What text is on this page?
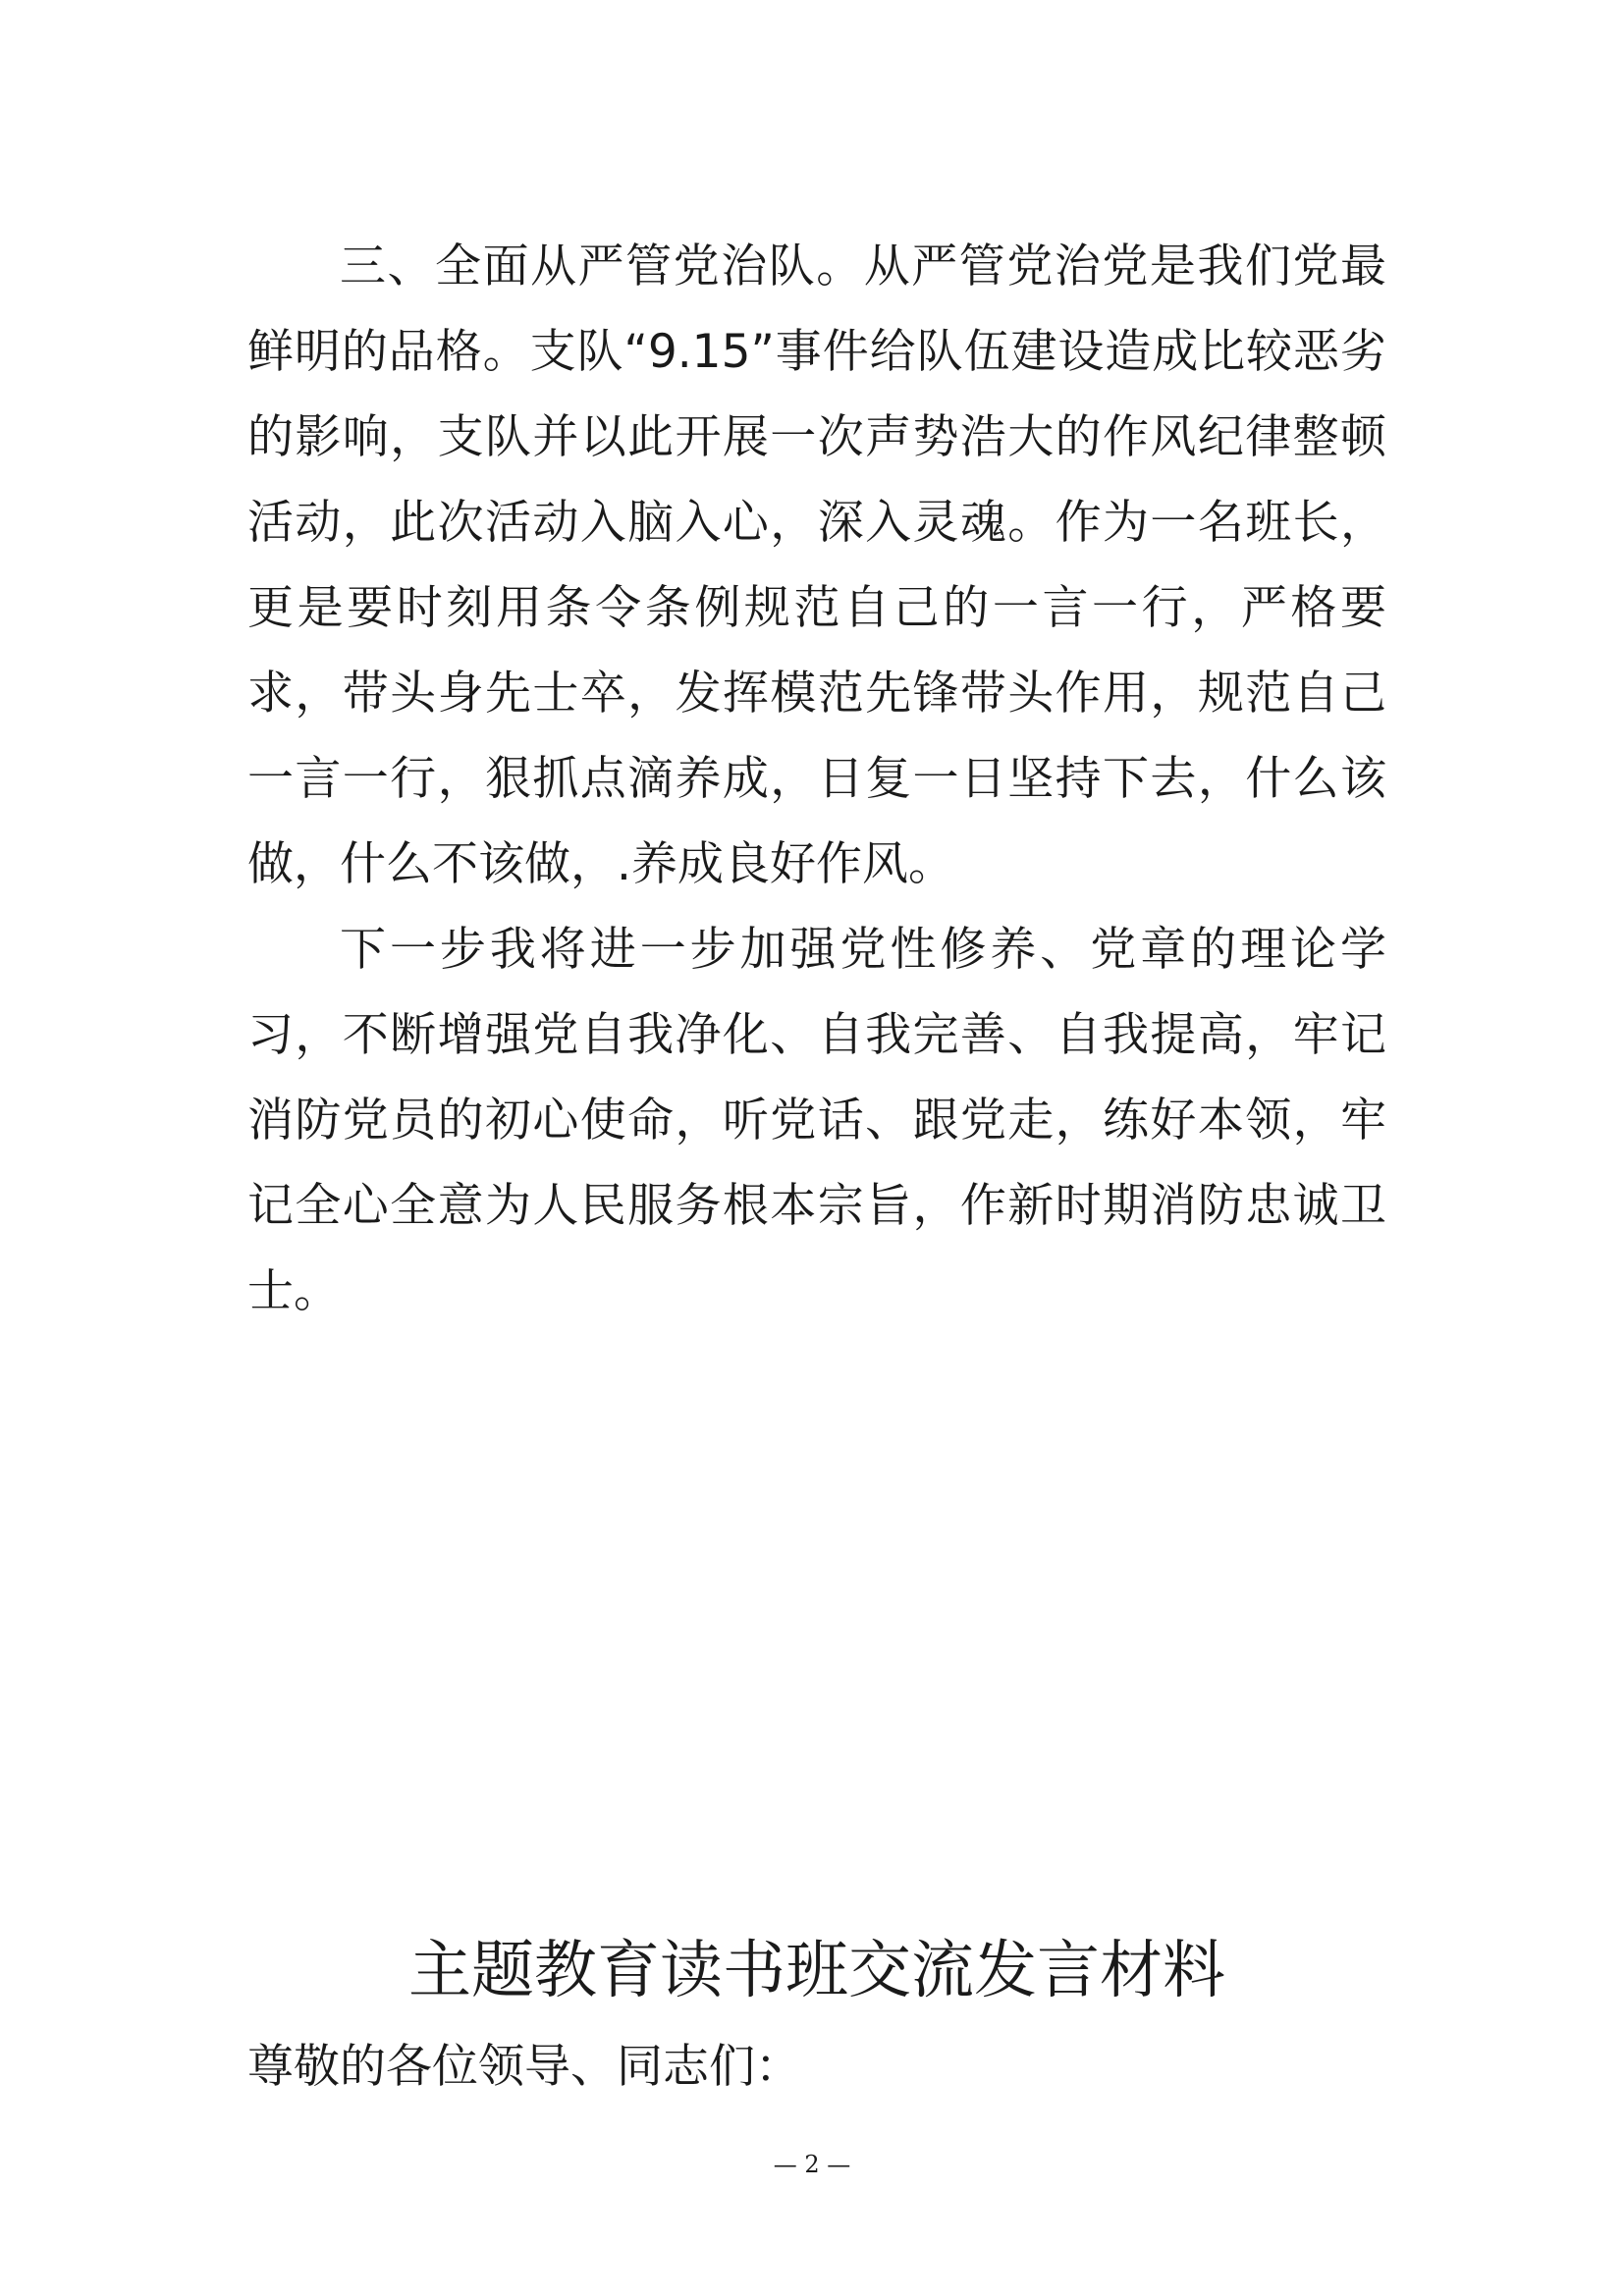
三、全面从严管党治队。从严管党治党是我们党最鲜明的品格。支队“9.15”事件给队伍建设造成比较恶劣的影响，支队并以此开展一次声势浩大的作风纪律整顿活动，此次活动入脑入心，深入灵魂。作为一名班长，更是要时刻用条令条例规范自己的一言一行，严格要求，带头身先士卒，发挥模范先锋带头作用，规范自己一言一行，狠抓点滴养成，日复一日坚持下去，什么该做，什么不该做，.养成良好作风。

下一步我将进一步加强党性修养、党章的理论学习，不断增强党自我净化、自我完善、自我提高，牢记消防党员的初心使命，听党话、跟党走，练好本领，牢记全心全意为人民服务根本宗旨，作新时期消防忠诚卫士。

主题教育读书班交流发言材料

尊敬的各位领导、同志们：

— 2 —
